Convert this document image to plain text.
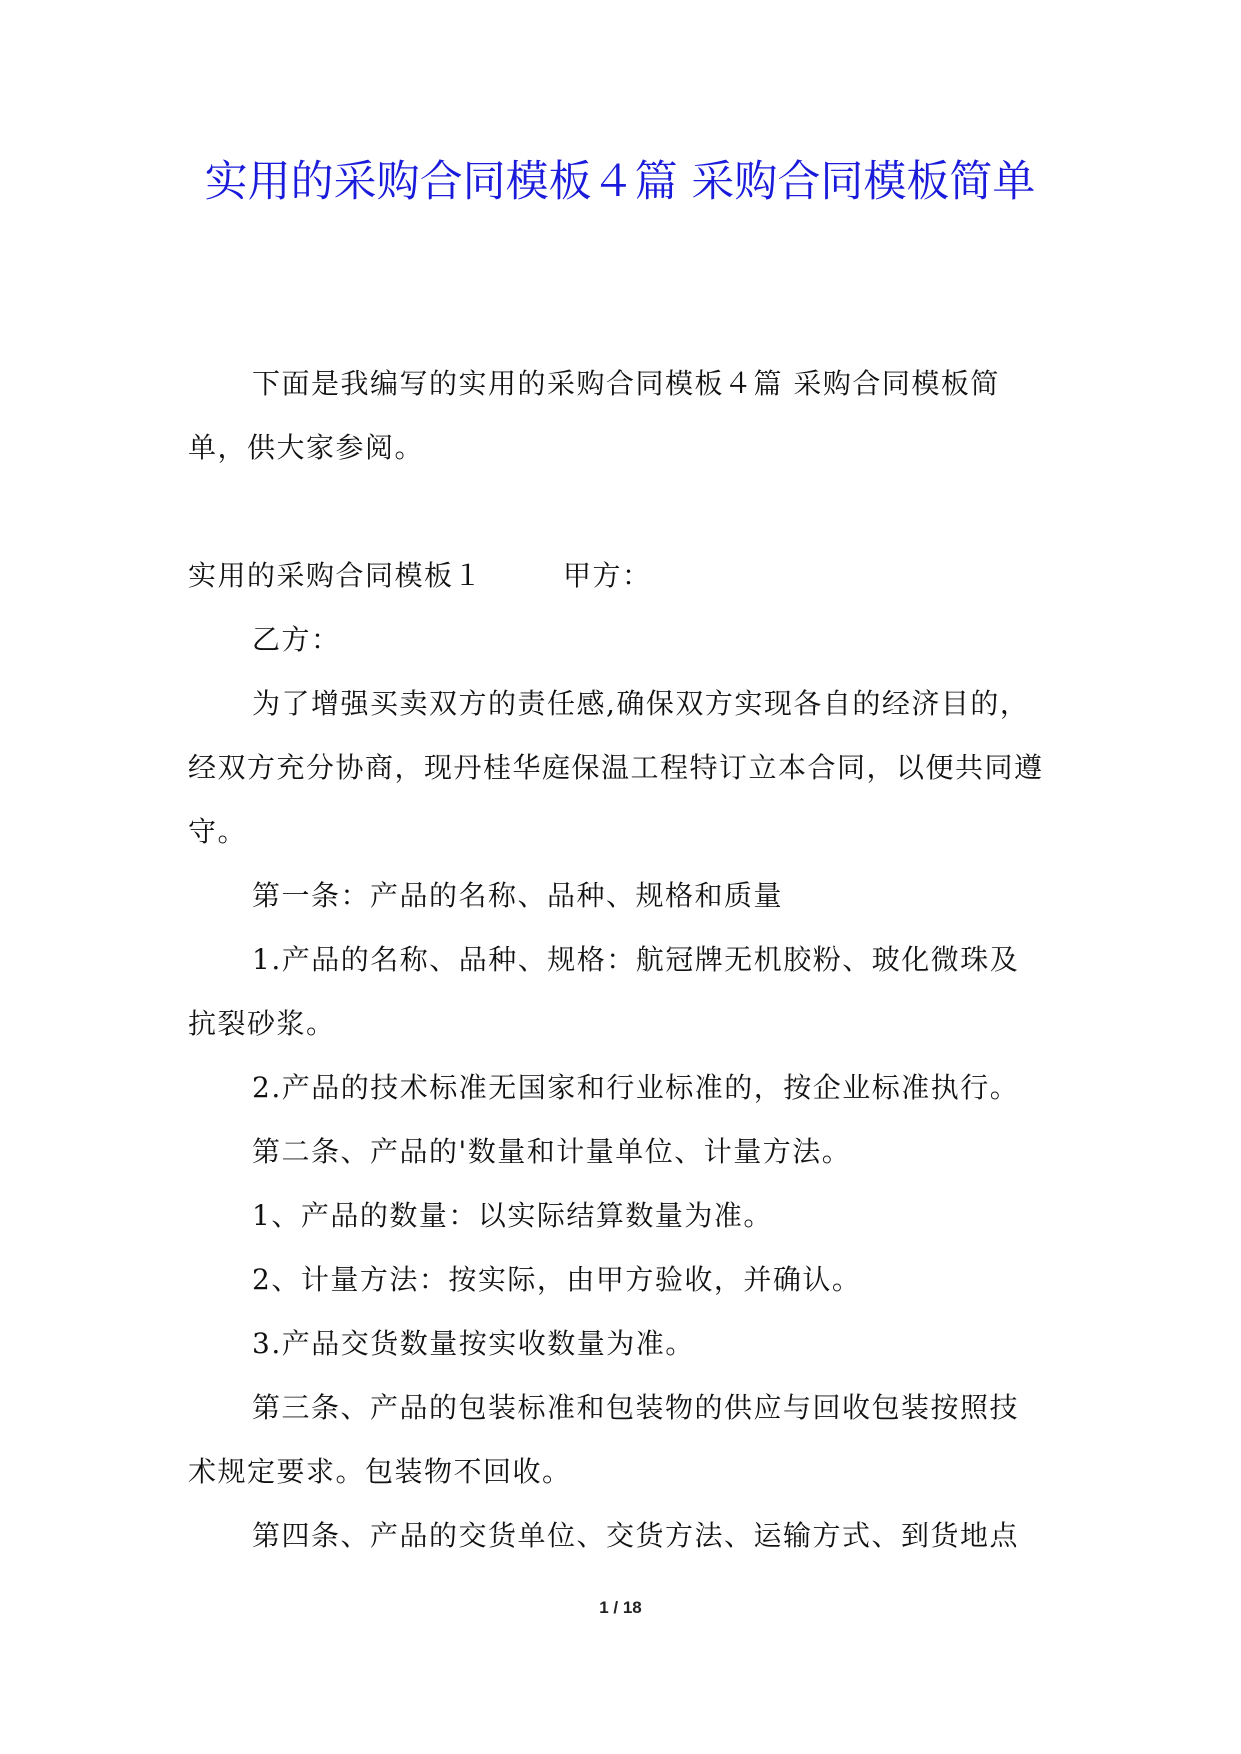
实用的采购合同模板４篇 采购合同模板简单

下面是我编写的实用的采购合同模板４篇 采购合同模板简单，供大家参阅。

实用的采购合同模板１	甲方：

乙方：

为了增强买卖双方的责任感,确保双方实现各自的经济目的，经双方充分协商，现丹桂华庭保温工程特订立本合同，以便共同遵守。

第一条：产品的名称、品种、规格和质量

1.产品的名称、品种、规格：航冠牌无机胶粉、玻化微珠及抗裂砂浆。

2.产品的技术标准无国家和行业标准的，按企业标准执行。

第二条、产品的'数量和计量单位、计量方法。

1、产品的数量：以实际结算数量为准。

2、计量方法：按实际，由甲方验收，并确认。

3.产品交货数量按实收数量为准。

第三条、产品的包装标准和包装物的供应与回收包装按照技术规定要求。包装物不回收。

第四条、产品的交货单位、交货方法、运输方式、到货地点

1 / 18
